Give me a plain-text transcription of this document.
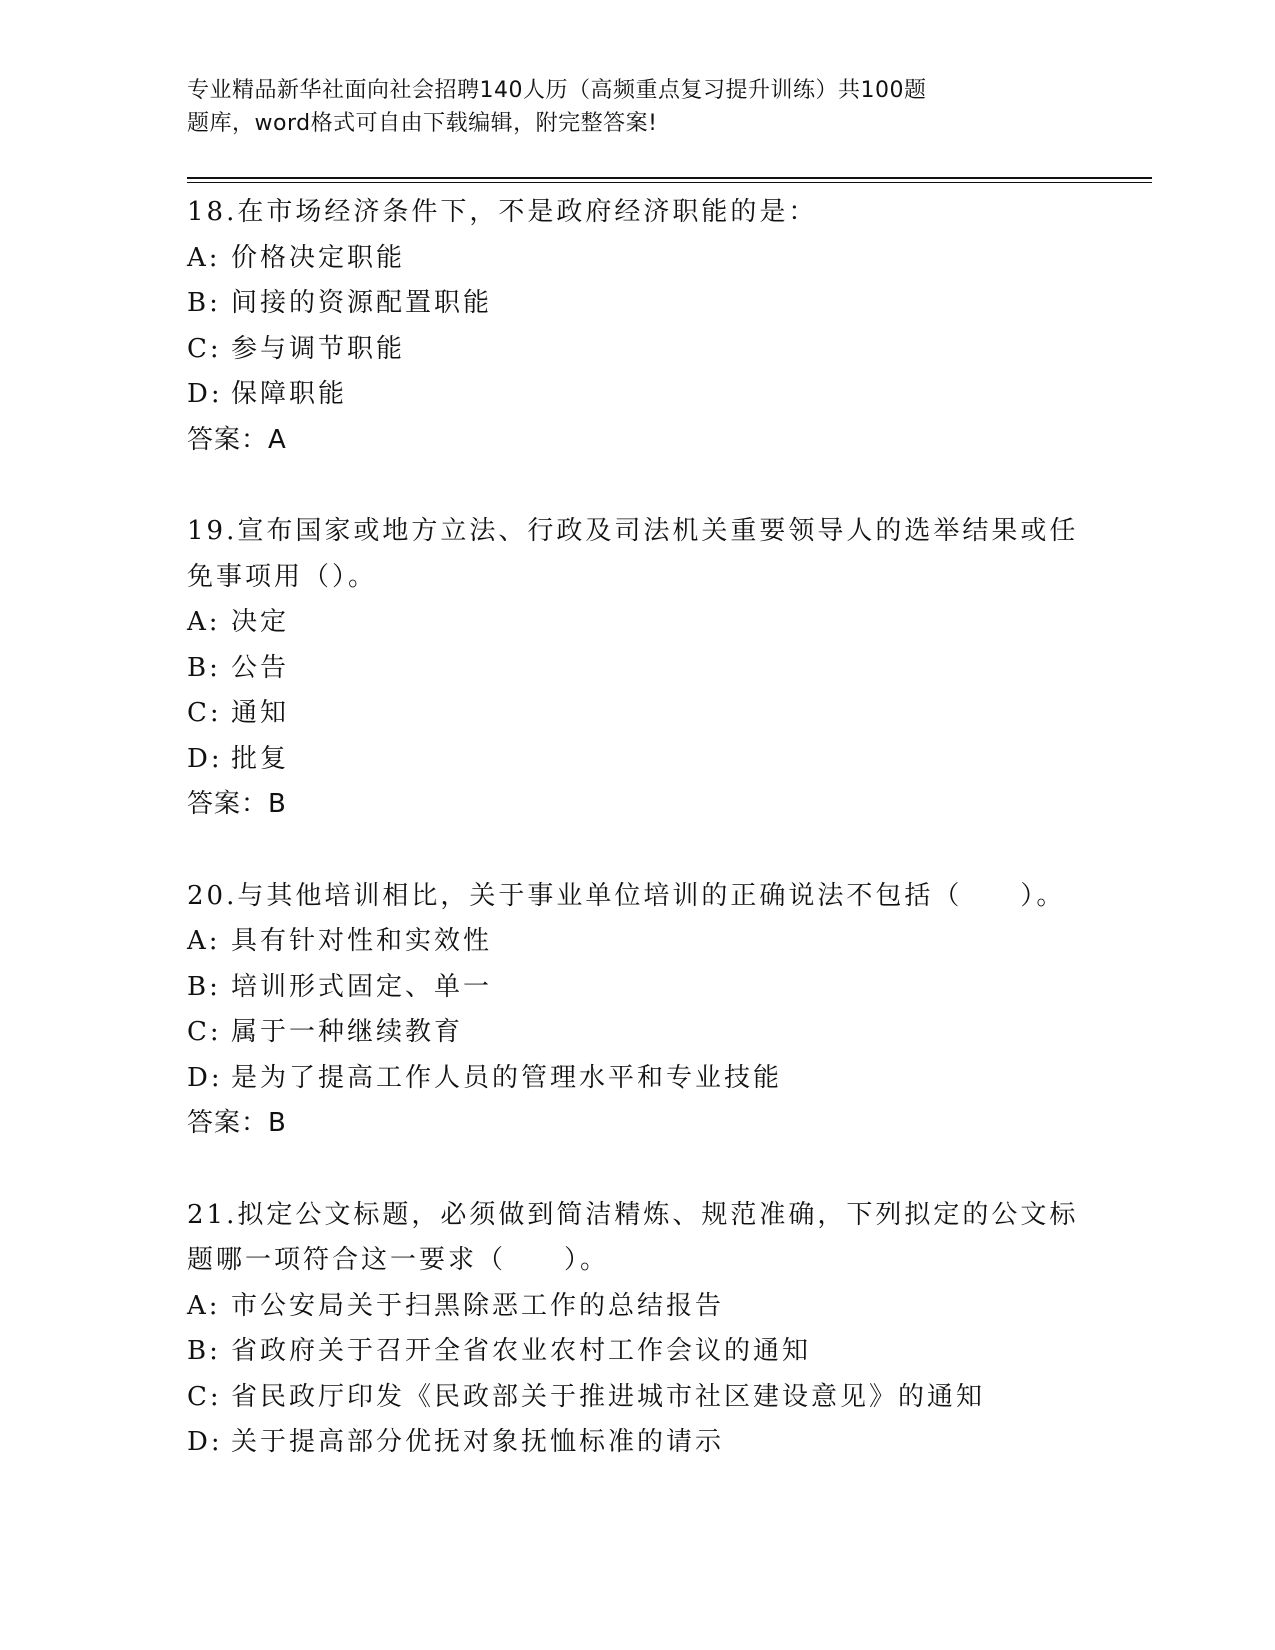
专业精品新华社面向社会招聘140人历（高频重点复习提升训练）共100题
题库，word格式可自由下载编辑，附完整答案!
18.在市场经济条件下，不是政府经济职能的是：
A: 价格决定职能
B: 间接的资源配置职能
C: 参与调节职能
D: 保障职能
答案：A
19.宣布国家或地方立法、行政及司法机关重要领导人的选举结果或任
免事项用（）。
A: 决定
B: 公告
C: 通知
D: 批复
答案：B
20.与其他培训相比，关于事业单位培训的正确说法不包括（　　）。
A: 具有针对性和实效性
B: 培训形式固定、单一
C: 属于一种继续教育
D: 是为了提高工作人员的管理水平和专业技能
答案：B
21.拟定公文标题，必须做到简洁精炼、规范准确，下列拟定的公文标
题哪一项符合这一要求（　　）。
A: 市公安局关于扫黑除恶工作的总结报告
B: 省政府关于召开全省农业农村工作会议的通知
C: 省民政厅印发《民政部关于推进城市社区建设意见》的通知
D: 关于提高部分优抚对象抚恤标准的请示
